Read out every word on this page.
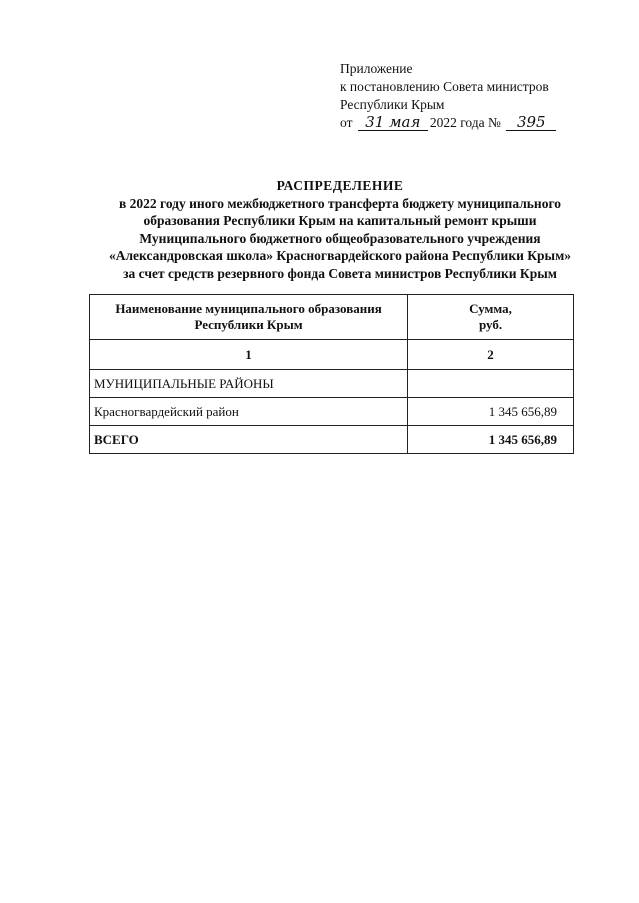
Приложение
к постановлению Совета министров
Республики Крым
от 31 мая 2022 года № 395
РАСПРЕДЕЛЕНИЕ
в 2022 году иного межбюджетного трансферта бюджету муниципального
образования Республики Крым на капитальный ремонт крыши
Муниципального бюджетного общеобразовательного учреждения
«Александровская школа» Красногвардейского района Республики Крым»
за счет средств резервного фонда Совета министров Республики Крым
Наименование муниципального образования
Республики Крым	Сумма,
руб.
1	2
МУНИЦИПАЛЬНЫЕ РАЙОНЫ	
Красногвардейский район	1 345 656,89
ВСЕГО	1 345 656,89
